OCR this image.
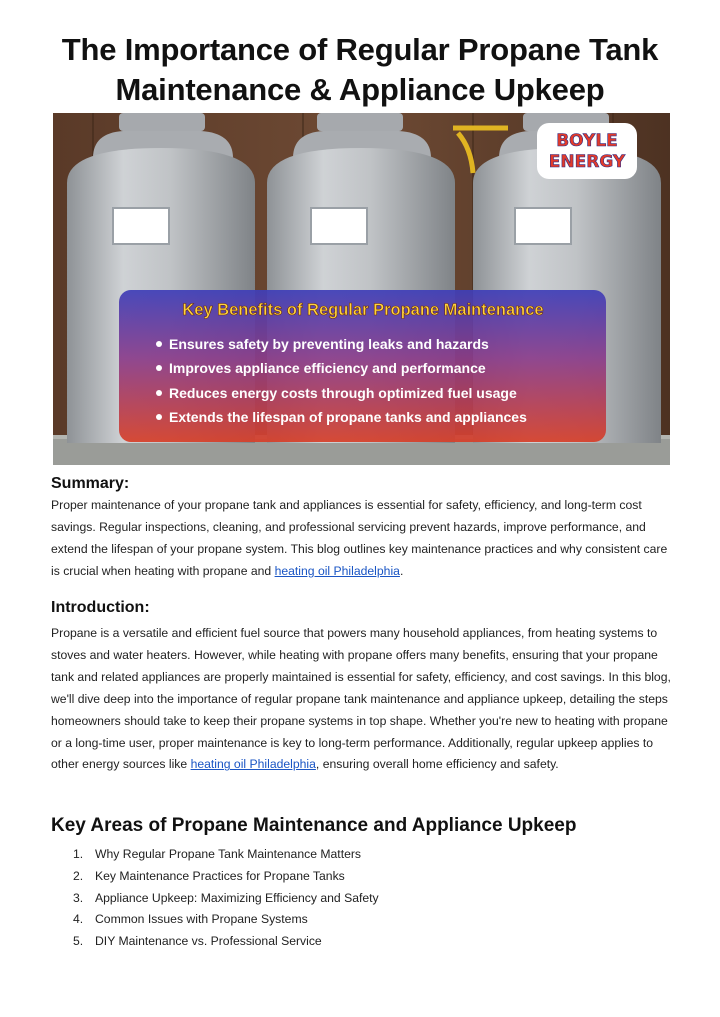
The Importance of Regular Propane Tank
Maintenance & Appliance Upkeep
BOYLE
ENERGY
Key Benefits of Regular Propane Maintenance
Ensures safety by preventing leaks and hazards
Improves appliance efficiency and performance
Reduces energy costs through optimized fuel usage
Extends the lifespan of propane tanks and appliances
Summary:

Proper maintenance of your propane tank and appliances is essential for safety, efficiency, and long-term cost savings. Regular inspections, cleaning, and professional servicing prevent hazards, improve performance, and extend the lifespan of your propane system. This blog outlines key maintenance practices and why consistent care is crucial when heating with propane and heating oil Philadelphia.

Introduction:

Propane is a versatile and efficient fuel source that powers many household appliances, from heating systems to stoves and water heaters. However, while heating with propane offers many benefits, ensuring that your propane tank and related appliances are properly maintained is essential for safety, efficiency, and cost savings. In this blog, we'll dive deep into the importance of regular propane tank maintenance and appliance upkeep, detailing the steps homeowners should take to keep their propane systems in top shape. Whether you're new to heating with propane or a long-time user, proper maintenance is key to long-term performance. Additionally, regular upkeep applies to other energy sources like heating oil Philadelphia, ensuring overall home efficiency and safety.

Key Areas of Propane Maintenance and Appliance Upkeep
1. Why Regular Propane Tank Maintenance Matters
2. Key Maintenance Practices for Propane Tanks
3. Appliance Upkeep: Maximizing Efficiency and Safety
4. Common Issues with Propane Systems
5. DIY Maintenance vs. Professional Service
